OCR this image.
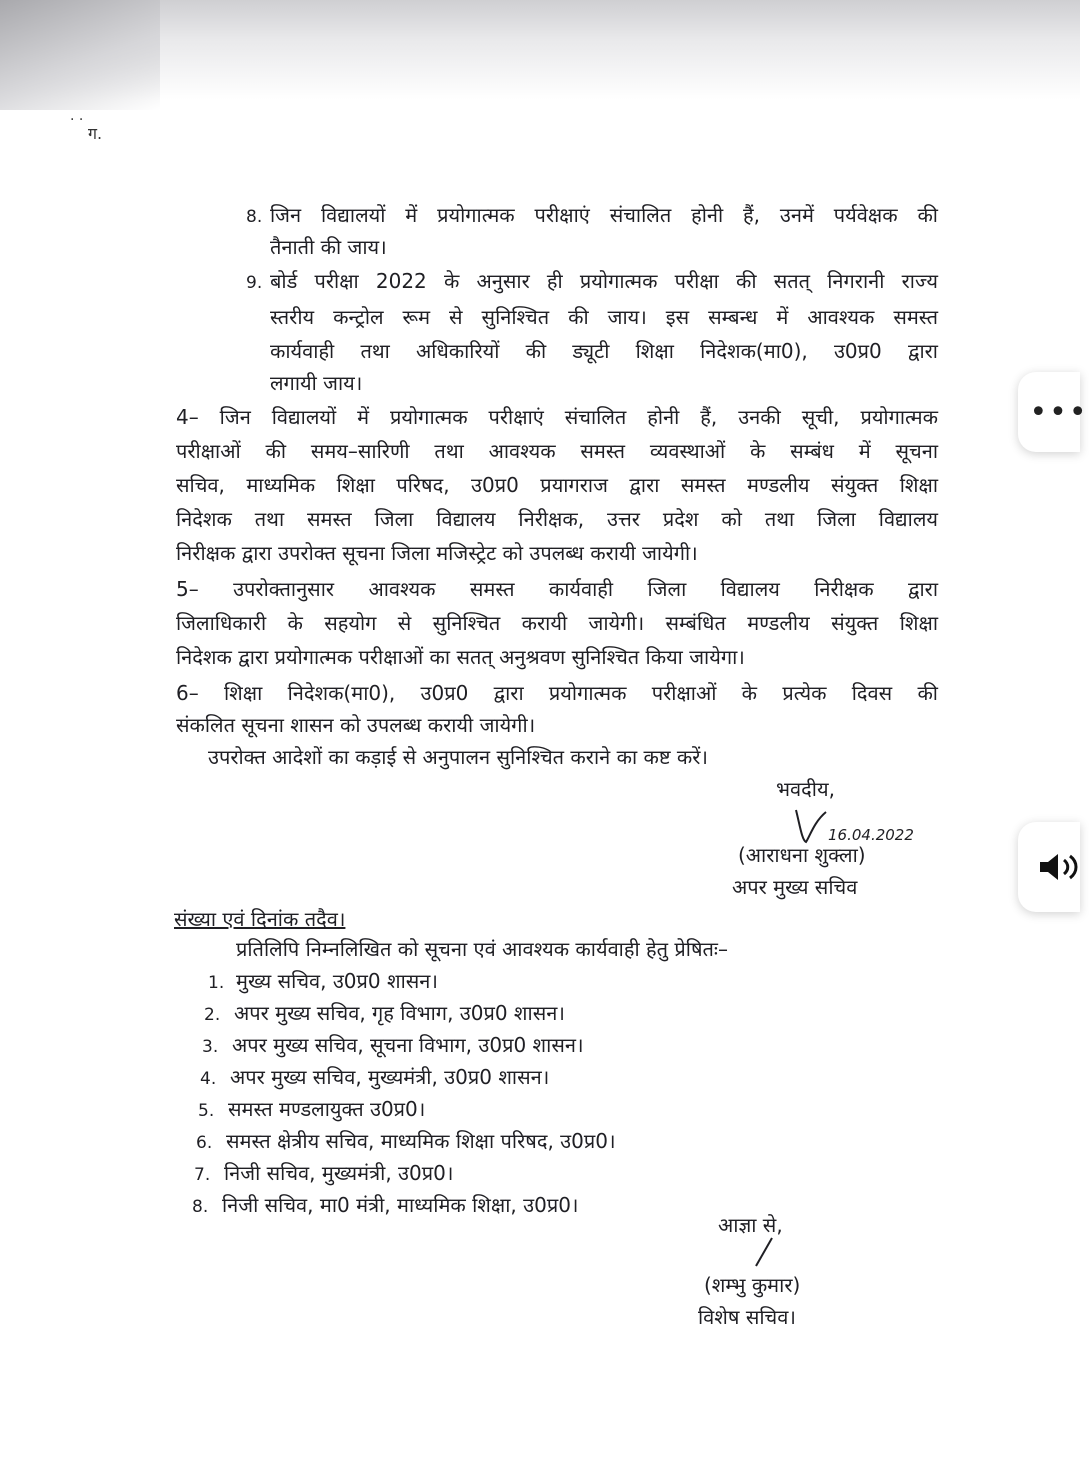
· ·
ग.
8. जिन विद्यालयों में प्रयोगात्मक परीक्षाएं संचालित होनी हैं, उनमें पर्यवेक्षक की
तैनाती की जाय।
9. बोर्ड परीक्षा 2022 के अनुसार ही प्रयोगात्मक परीक्षा की सतत् निगरानी राज्य
स्तरीय कन्ट्रोल रूम से सुनिश्चित की जाय। इस सम्बन्ध में आवश्यक समस्त
कार्यवाही तथा अधिकारियों की ड्यूटी शिक्षा निदेशक(मा0), उ0प्र0 द्वारा
लगायी जाय।
4– जिन विद्यालयों में प्रयोगात्मक परीक्षाएं संचालित होनी हैं, उनकी सूची, प्रयोगात्मक
परीक्षाओं की समय–सारिणी तथा आवश्यक समस्त व्यवस्थाओं के सम्बंध में सूचना
सचिव, माध्यमिक शिक्षा परिषद, उ0प्र0 प्रयागराज द्वारा समस्त मण्डलीय संयुक्त शिक्षा
निदेशक तथा समस्त जिला विद्यालय निरीक्षक, उत्तर प्रदेश को तथा जिला विद्यालय
निरीक्षक द्वारा उपरोक्त सूचना जिला मजिस्ट्रेट को उपलब्ध करायी जायेगी।
5– उपरोक्तानुसार आवश्यक समस्त कार्यवाही जिला विद्यालय निरीक्षक द्वारा
जिलाधिकारी के सहयोग से सुनिश्चित करायी जायेगी। सम्बंधित मण्डलीय संयुक्त शिक्षा
निदेशक द्वारा प्रयोगात्मक परीक्षाओं का सतत् अनुश्रवण सुनिश्चित किया जायेगा।
6– शिक्षा निदेशक(मा0), उ0प्र0 द्वारा प्रयोगात्मक परीक्षाओं के प्रत्येक दिवस की
संकलित सूचना शासन को उपलब्ध करायी जायेगी।
उपरोक्त आदेशों का कड़ाई से अनुपालन सुनिश्चित कराने का कष्ट करें।
भवदीय,
16.04.2022
(आराधना शुक्ला)
अपर मुख्य सचिव
संख्या एवं दिनांक तदैव।
प्रतिलिपि निम्नलिखित को सूचना एवं आवश्यक कार्यवाही हेतु प्रेषितः–
1. मुख्य सचिव, उ0प्र0 शासन।
2. अपर मुख्य सचिव, गृह विभाग, उ0प्र0 शासन।
3. अपर मुख्य सचिव, सूचना विभाग, उ0प्र0 शासन।
4. अपर मुख्य सचिव, मुख्यमंत्री, उ0प्र0 शासन।
5. समस्त मण्डलायुक्त उ0प्र0।
6. समस्त क्षेत्रीय सचिव, माध्यमिक शिक्षा परिषद, उ0प्र0।
7. निजी सचिव, मुख्यमंत्री, उ0प्र0।
8. निजी सचिव, मा0 मंत्री, माध्यमिक शिक्षा, उ0प्र0।
आज्ञा से,
(शम्भु कुमार)
विशेष सचिव।
•••
